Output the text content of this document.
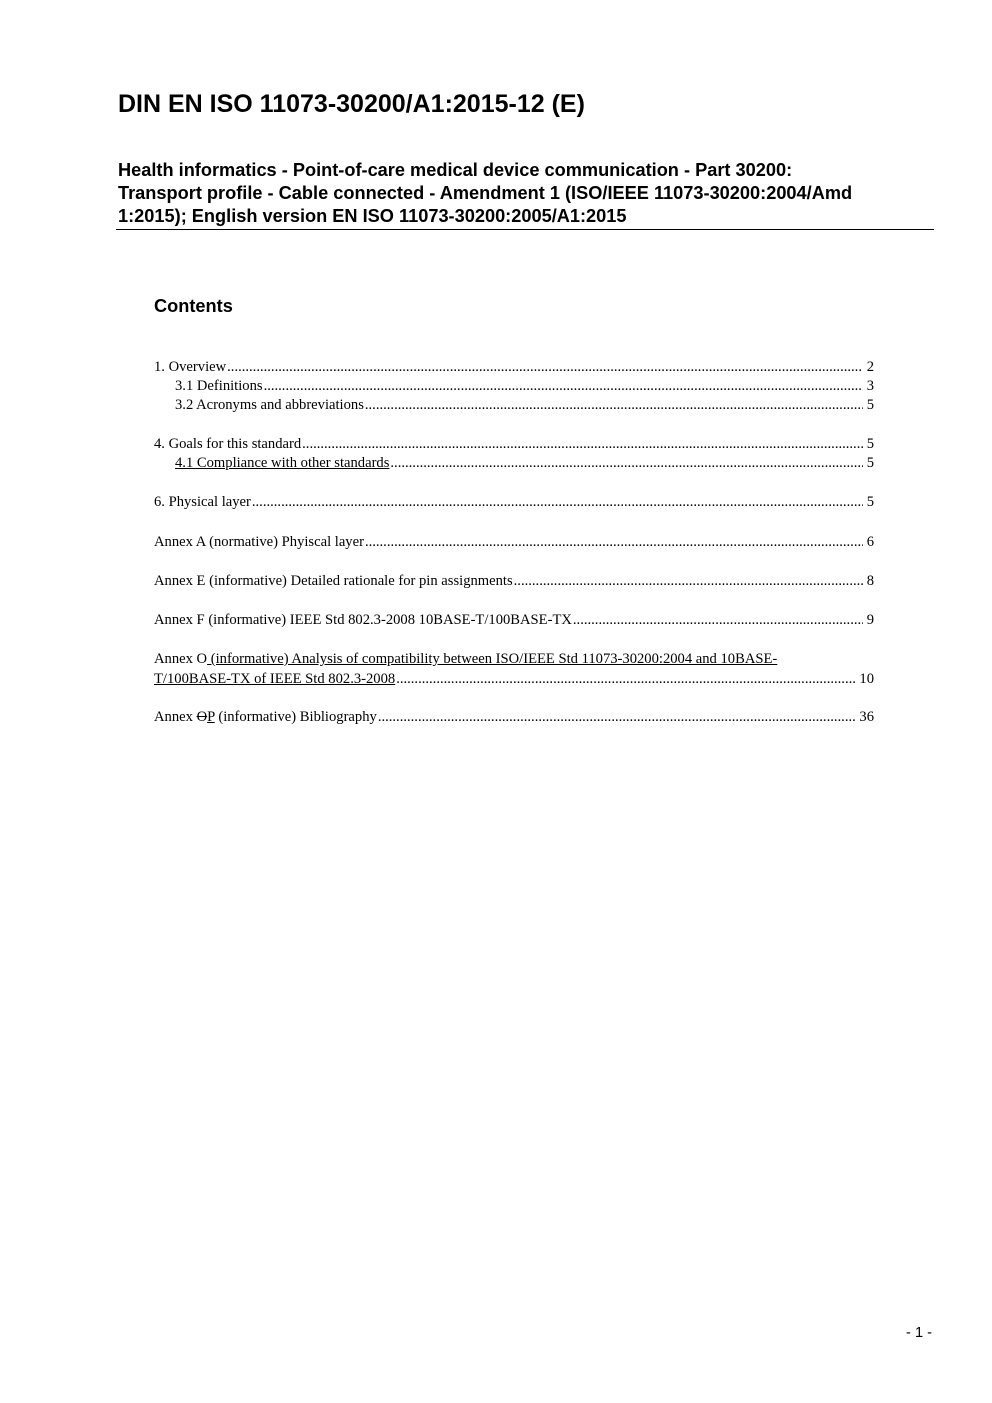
DIN EN ISO 11073-30200/A1:2015-12 (E)
Health informatics - Point-of-care medical device communication - Part 30200:
Transport profile - Cable connected - Amendment 1 (ISO/IEEE 11073-30200:2004/Amd
1:2015); English version EN ISO 11073-30200:2005/A1:2015
Contents
1. Overview .....	2
3.1 Definitions .....	3
3.2 Acronyms and abbreviations .....	5
4. Goals for this standard .....	5
4.1 Compliance with other standards .....	5
6. Physical layer .....	5
Annex A (normative) Phyiscal layer .....	6
Annex E (informative) Detailed rationale for pin assignments .....	8
Annex F (informative) IEEE Std 802.3-2008 10BASE-T/100BASE-TX .....	9
Annex O (informative) Analysis of compatibility between ISO/IEEE Std 11073-30200:2004 and 10BASE-
T/100BASE-TX of IEEE Std 802.3-2008 .....	10
Annex OP (informative) Bibliography .....	36
- 1 -
